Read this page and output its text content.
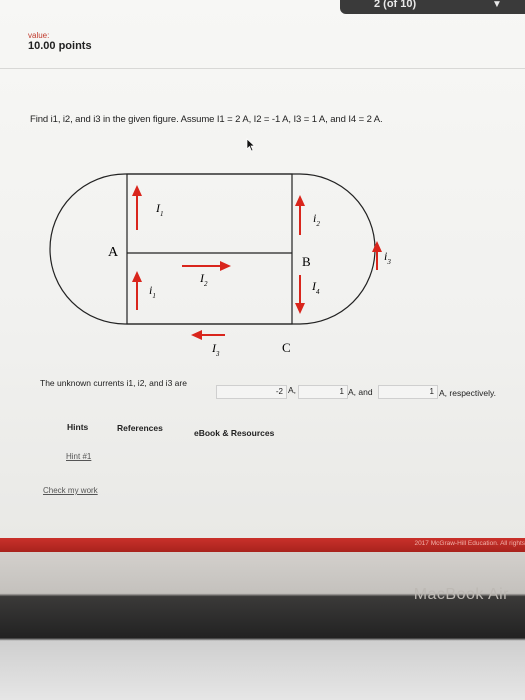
2 (of 10)	▼
value:
10.00 points
Find i1, i2, and i3 in the given figure. Assume I1 = 2 A, I2 = -1 A, I3 = 1 A, and I4 = 2 A.
A
B
C
$I_1$
$i_1$
$I_2$
$I_3$
$i_2$
$I_4$
$i_3$
The unknown currents i1, i2, and i3 are
-2 A,	1 A, and	1 A, respectively.
Hints	References	eBook & Resources
Hint #1
Check my work
2017 McGraw-Hill Education. All rights
MacBook Air
